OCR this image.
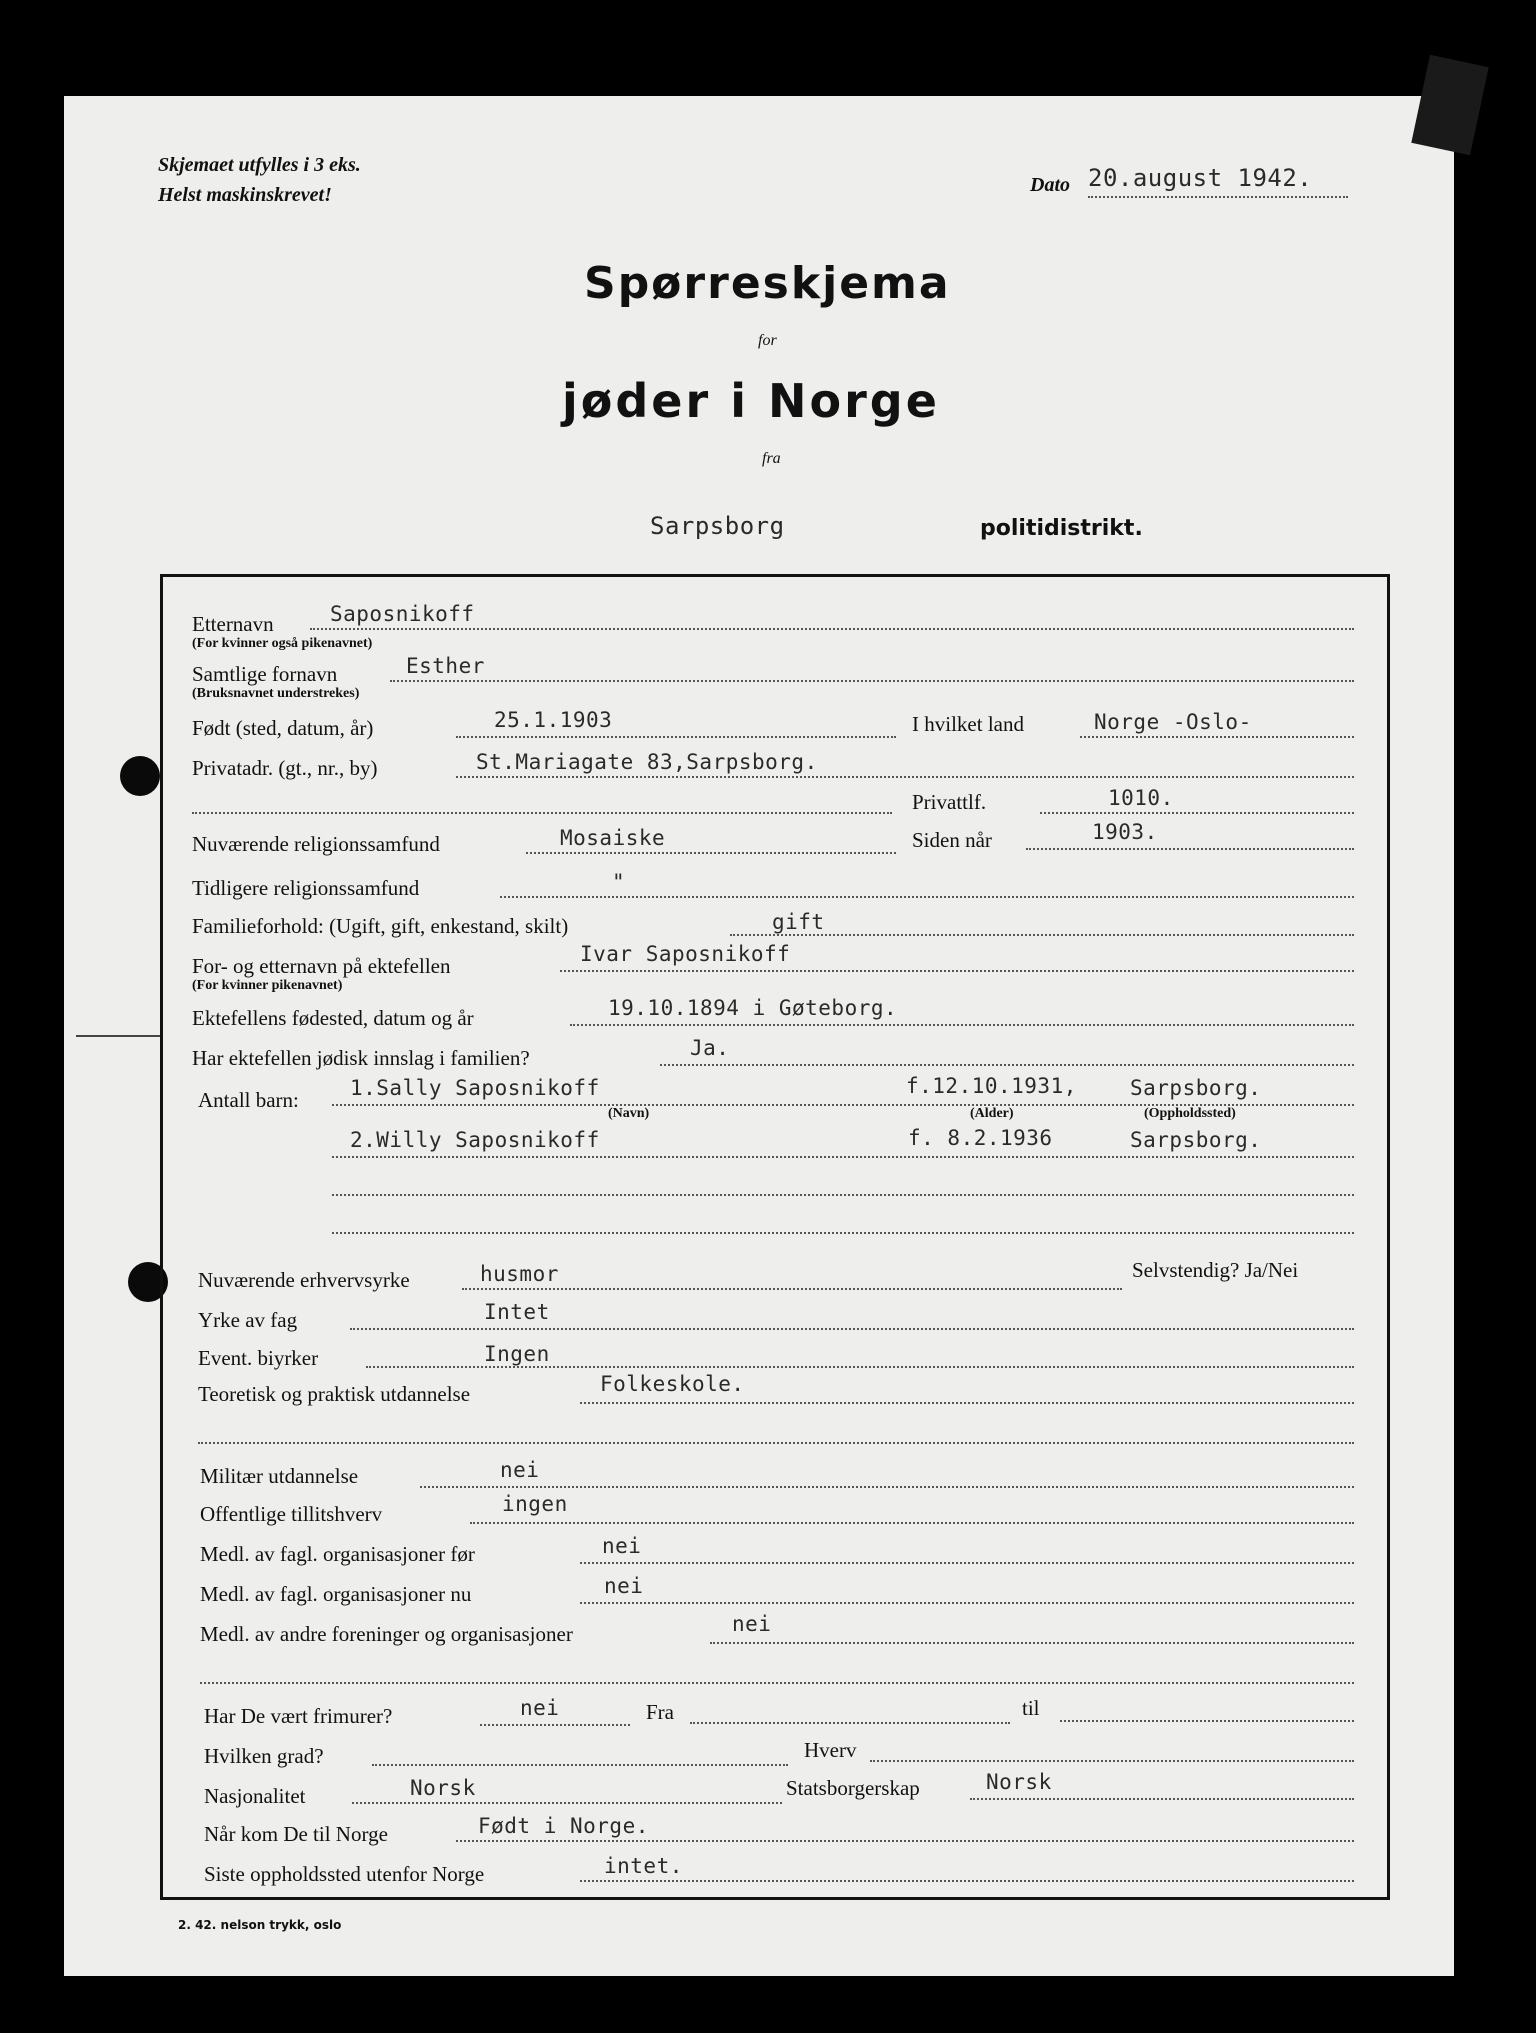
Skjemaet utfylles i 3 eks.
Helst maskinskrevet!	Dato 20.august 1942.
Spørreskjema
for
jøder i Norge
fra
Sarpsborg	politidistrikt.
Etternavn
(For kvinner også pikenavnet)
Saposnikoff
Samtlige fornavn
(Bruksnavnet understrekes)
Esther
Født (sted, datum, år)	25.1.1903	I hvilket land	Norge -Oslo-
Privatadr. (gt., nr., by)	St.Mariagate 83,Sarpsborg.
Privattlf.	1010.
Nuværende religionssamfund	Mosaiske	Siden når	1903.
Tidligere religionssamfund	"
Familieforhold: (Ugift, gift, enkestand, skilt)	gift
For- og etternavn på ektefellen
(For kvinner pikenavnet)
Ivar Saposnikoff
Ektefellens fødested, datum og år	19.10.1894 i Gøteborg.
Har ektefellen jødisk innslag i familien?	Ja.
Antall barn: 1.Sally Saposnikoff	f.12.10.1931,	Sarpsborg.
(Navn)	(Alder)	(Oppholdssted)
2.Willy Saposnikoff	f. 8.2.1936	Sarpsborg.
Nuværende erhvervsyrke	husmor	Selvstendig? Ja/Nei
Yrke av fag	Intet
Event. biyrker	Ingen
Teoretisk og praktisk utdannelse	Folkeskole.
Militær utdannelse	nei
Offentlige tillitshverv	ingen
Medl. av fagl. organisasjoner før	nei
Medl. av fagl. organisasjoner nu	nei
Medl. av andre foreninger og organisasjoner	nei
Har De vært frimurer?	nei	Fra	til
Hvilken grad?	Hverv
Nasjonalitet	Norsk	Statsborgerskap	Norsk
Når kom De til Norge	Født i Norge.
Siste oppholdssted utenfor Norge	intet.
2. 42. nelson trykk, oslo
